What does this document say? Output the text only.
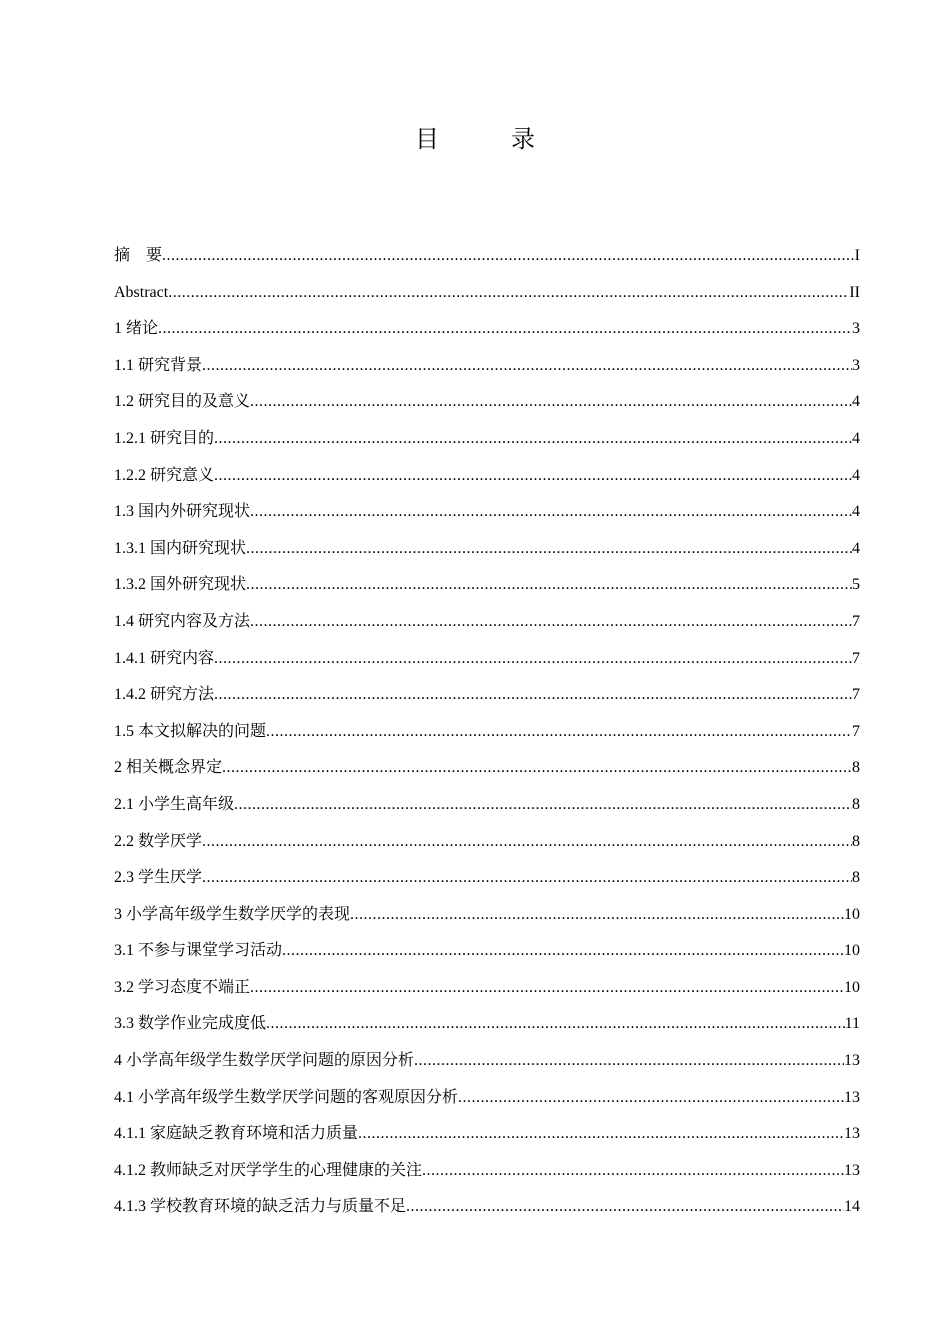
目　录
摘　要 .....	I
Abstract .....	II
1 绪论 .....	3
1.1 研究背景 .....	3
1.2 研究目的及意义 .....	4
1.2.1 研究目的 .....	4
1.2.2 研究意义 .....	4
1.3 国内外研究现状 .....	4
1.3.1 国内研究现状 .....	4
1.3.2 国外研究现状 .....	5
1.4 研究内容及方法 .....	7
1.4.1 研究内容 .....	7
1.4.2 研究方法 .....	7
1.5 本文拟解决的问题 .....	7
2 相关概念界定 .....	8
2.1 小学生高年级 .....	8
2.2 数学厌学 .....	8
2.3 学生厌学 .....	8
3 小学高年级学生数学厌学的表现 .....	10
3.1 不参与课堂学习活动 .....	10
3.2 学习态度不端正 .....	10
3.3 数学作业完成度低 .....	11
4 小学高年级学生数学厌学问题的原因分析 .....	13
4.1 小学高年级学生数学厌学问题的客观原因分析 .....	13
4.1.1 家庭缺乏教育环境和活力质量 .....	13
4.1.2 教师缺乏对厌学学生的心理健康的关注 .....	13
4.1.3 学校教育环境的缺乏活力与质量不足 .....	14
